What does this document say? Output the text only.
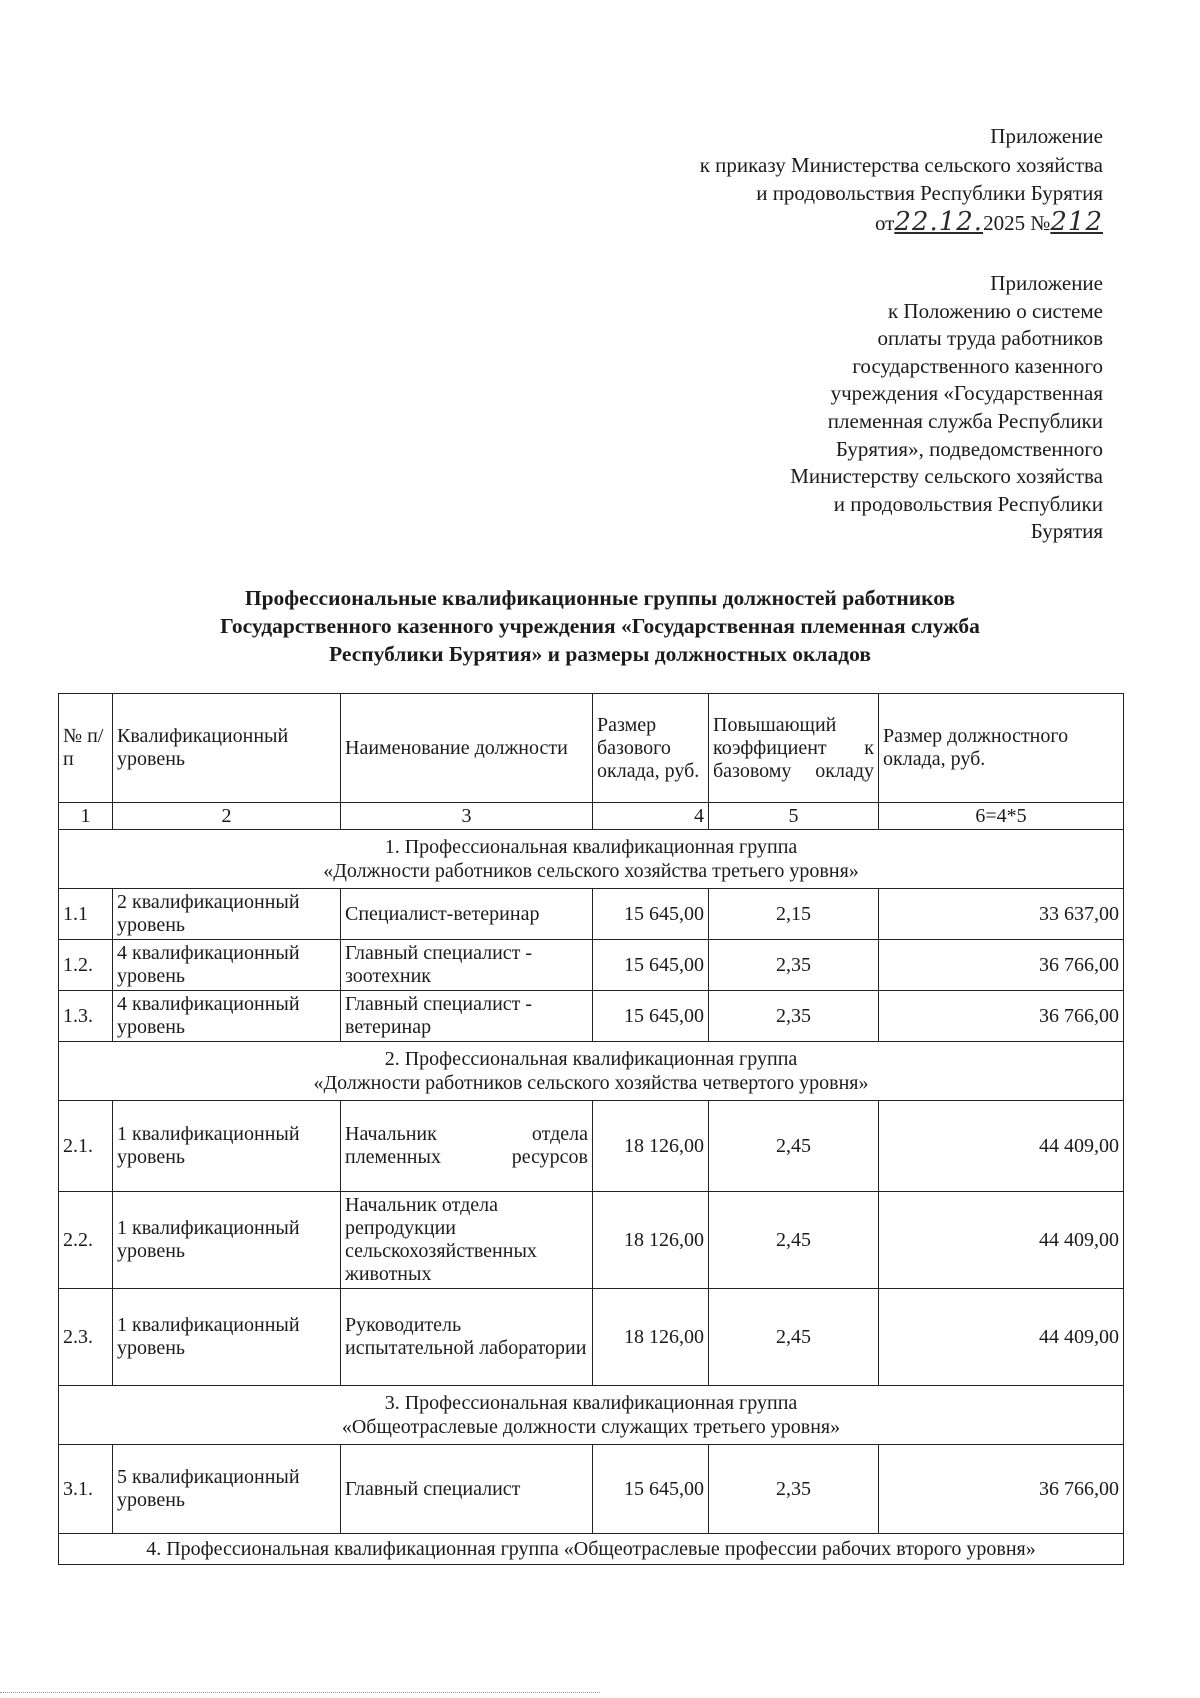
Приложение
к приказу Министерства сельского хозяйства
и продовольствия Республики Бурятия
от22.12.2025 №212
Приложение
к Положению о системе
оплаты труда работников
государственного казенного
учреждения «Государственная
племенная служба Республики
Бурятия», подведомственного
Министерству сельского хозяйства
и продовольствия Республики
Бурятия
Профессиональные квалификационные группы должностей работников
Государственного казенного учреждения «Государственная племенная служба
Республики Бурятия» и размеры должностных окладов
№ п/п	Квалификационный уровень	Наименование должности	Размер базового оклада, руб.	Повышающий коэффициент к базовому окладу	Размер должностного оклада, руб.
1	2	3	4	5	6=4*5

1. Профессиональная квалификационная группа
«Должности работников сельского хозяйства третьего уровня»					

1.1	2 квалификационный уровень	Специалист-ветеринар	15 645,00	2,15	33 637,00
1.2.	4 квалификационный уровень	Главный специалист - зоотехник	15 645,00	2,35	36 766,00
1.3.	4 квалификационный уровень	Главный специалист - ветеринар	15 645,00	2,35	36 766,00

2. Профессиональная квалификационная группа
«Должности работников сельского хозяйства четвертого уровня»					

2.1.	1 квалификационный уровень	Начальник отдела племенных ресурсов	18 126,00	2,45	44 409,00
2.2.	1 квалификационный уровень	Начальник отдела репродукции сельскохозяйственных животных	18 126,00	2,45	44 409,00
2.3.	1 квалификационный уровень	Руководитель испытательной лаборатории	18 126,00	2,45	44 409,00

3. Профессиональная квалификационная группа
«Общеотраслевые должности служащих третьего уровня»					

3.1.	5 квалификационный уровень	Главный специалист	15 645,00	2,35	36 766,00
4. Профессиональная квалификационная группа «Общеотраслевые профессии рабочих второго уровня»					
